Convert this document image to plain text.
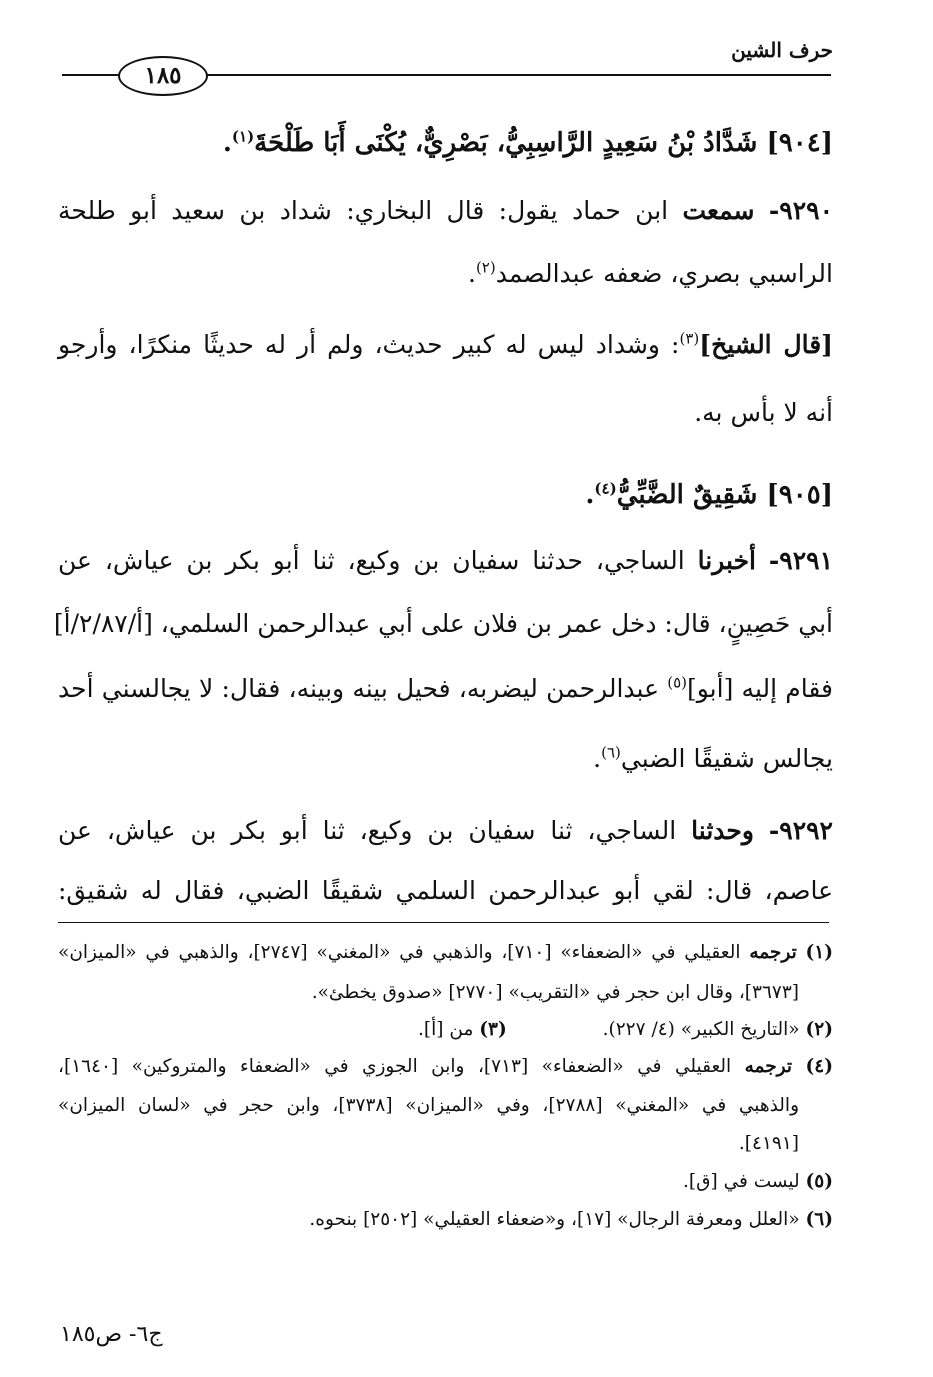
حرف الشين
١٨٥
[٩٠٤] شَدَّادُ بْنُ سَعِيدٍ الرَّاسِبِيُّ، بَصْرِيٌّ، يُكْنَى أَبَا طَلْحَةَ$^{(١)}$.
٩٢٩٠- سمعت ابن حماد يقول: قال البخاري: شداد بن سعيد أبو طلحة
الراسبي بصري، ضعفه عبدالصمد$^{(٢)}$.
[قال الشيخ]$^{(٣)}$: وشداد ليس له كبير حديث، ولم أر له حديثًا منكرًا، وأرجو
أنه لا بأس به.
[٩٠٥] شَقِيقٌ الضَّبِّيُّ$^{(٤)}$.
٩٢٩١- أخبرنا الساجي، حدثنا سفيان بن وكيع، ثنا أبو بكر بن عياش، عن
أبي حَصِينٍ، قال: دخل عمر بن فلان على أبي عبدالرحمن السلمي، [أ/٢/٨٧/أ]
فقام إليه [أبو]$^{(٥)}$ عبدالرحمن ليضربه، فحيل بينه وبينه، فقال: لا يجالسني أحد
يجالس شقيقًا الضبي$^{(٦)}$.
٩٢٩٢- وحدثنا الساجي، ثنا سفيان بن وكيع، ثنا أبو بكر بن عياش، عن
عاصم، قال: لقي أبو عبدالرحمن السلمي شقيقًا الضبي، فقال له شقيق:
(١) ترجمه العقيلي في «الضعفاء» [٧١٠]، والذهبي في «المغني» [٢٧٤٧]، والذهبي في «الميزان»
[٣٦٧٣]، وقال ابن حجر في «التقريب» [٢٧٧٠] «صدوق يخطئ».
(٢) «التاريخ الكبير» (٤/ ٢٢٧). (٣) من [أ].
(٤) ترجمه العقيلي في «الضعفاء» [٧١٣]، وابن الجوزي في «الضعفاء والمتروكين» [١٦٤٠]،
والذهبي في «المغني» [٢٧٨٨]، وفي «الميزان» [٣٧٣٨]، وابن حجر في «لسان الميزان»
[٤١٩١].
(٥) ليست في [ق].
(٦) «العلل ومعرفة الرجال» [١٧]، و«ضعفاء العقيلي» [٢٥٠٢] بنحوه.
ج٦- ص١٨٥
